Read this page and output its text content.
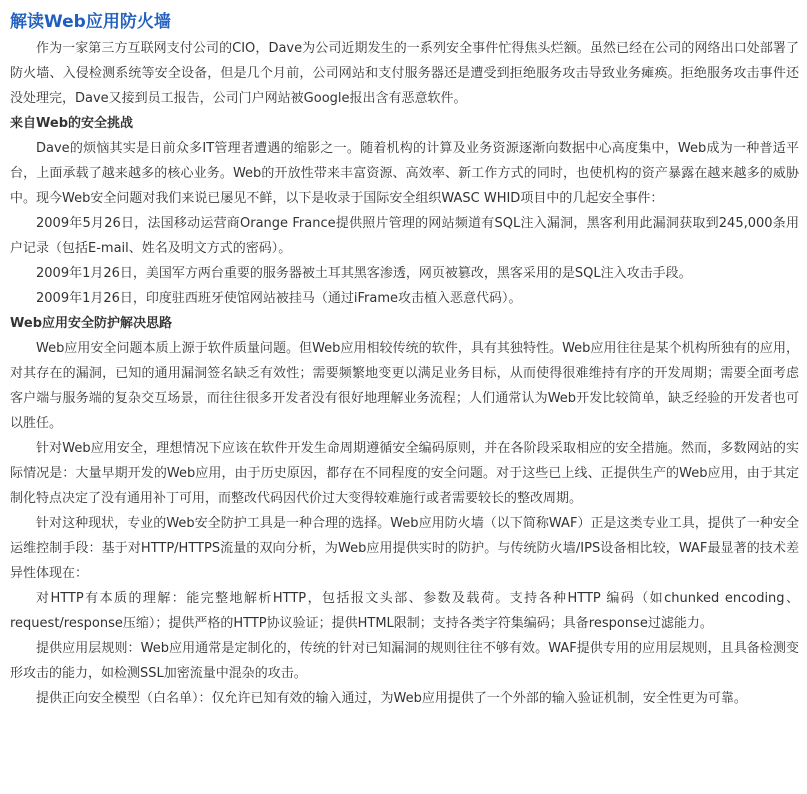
解读Web应用防火墙

作为一家第三方互联网支付公司的CIO，Dave为公司近期发生的一系列安全事件忙得焦头烂额。虽然已经在公司的网络出口处部署了防火墙、入侵检测系统等安全设备，但是几个月前，公司网站和支付服务器还是遭受到拒绝服务攻击导致业务瘫痪。拒绝服务攻击事件还没处理完，Dave又接到员工报告，公司门户网站被Google报出含有恶意软件。

来自Web的安全挑战

Dave的烦恼其实是日前众多IT管理者遭遇的缩影之一。随着机构的计算及业务资源逐渐向数据中心高度集中，Web成为一种普适平台，上面承载了越来越多的核心业务。Web的开放性带来丰富资源、高效率、新工作方式的同时，也使机构的资产暴露在越来越多的威胁中。现今Web安全问题对我们来说已屡见不鲜，以下是收录于国际安全组织WASC WHID项目中的几起安全事件：

2009年5月26日，法国移动运营商Orange France提供照片管理的网站频道有SQL注入漏洞，黑客利用此漏洞获取到245,000条用户记录（包括E-mail、姓名及明文方式的密码）。

2009年1月26日，美国军方两台重要的服务器被土耳其黑客渗透，网页被篡改，黑客采用的是SQL注入攻击手段。

2009年1月26日，印度驻西班牙使馆网站被挂马（通过iFrame攻击植入恶意代码）。

Web应用安全防护解决思路

Web应用安全问题本质上源于软件质量问题。但Web应用相较传统的软件，具有其独特性。Web应用往往是某个机构所独有的应用，对其存在的漏洞，已知的通用漏洞签名缺乏有效性；需要频繁地变更以满足业务目标，从而使得很难维持有序的开发周期；需要全面考虑客户端与服务端的复杂交互场景，而往往很多开发者没有很好地理解业务流程；人们通常认为Web开发比较简单，缺乏经验的开发者也可以胜任。

针对Web应用安全，理想情况下应该在软件开发生命周期遵循安全编码原则，并在各阶段采取相应的安全措施。然而，多数网站的实际情况是：大量早期开发的Web应用，由于历史原因，都存在不同程度的安全问题。对于这些已上线、正提供生产的Web应用，由于其定制化特点决定了没有通用补丁可用，而整改代码因代价过大变得较难施行或者需要较长的整改周期。

针对这种现状，专业的Web安全防护工具是一种合理的选择。Web应用防火墙（以下简称WAF）正是这类专业工具，提供了一种安全运维控制手段：基于对HTTP/HTTPS流量的双向分析，为Web应用提供实时的防护。与传统防火墙/IPS设备相比较，WAF最显著的技术差异性体现在：

对HTTP有本质的理解：能完整地解析HTTP，包括报文头部、参数及载荷。支持各种HTTP 编码（如chunked encoding、request/response压缩）；提供严格的HTTP协议验证；提供HTML限制；支持各类字符集编码；具备response过滤能力。

提供应用层规则：Web应用通常是定制化的，传统的针对已知漏洞的规则往往不够有效。WAF提供专用的应用层规则，且具备检测变形攻击的能力，如检测SSL加密流量中混杂的攻击。

提供正向安全模型（白名单）：仅允许已知有效的输入通过，为Web应用提供了一个外部的输入验证机制，安全性更为可靠。
